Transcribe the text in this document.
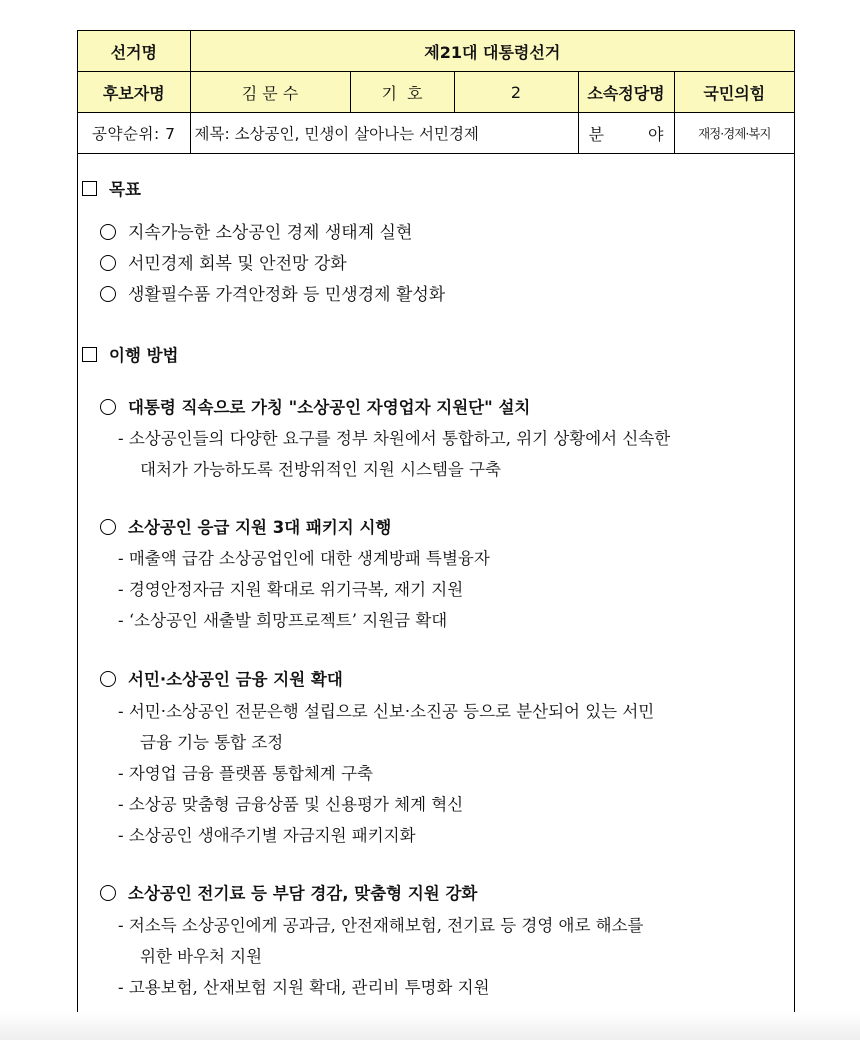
선거명	제21대 대통령선거				
후보자명	김 문 수	기  호	2	소속정당명	국민의힘
공약순위: 7	제목: 소상공인, 민생이 살아나는 서민경제			분 야	재정·경제·복지
목표
지속가능한 소상공인 경제 생태계 실현
서민경제 회복 및 안전망 강화
생활필수품 가격안정화 등 민생경제 활성화
이행 방법
대통령 직속으로 가칭 "소상공인 자영업자 지원단" 설치
- 소상공인들의 다양한 요구를 정부 차원에서 통합하고, 위기 상황에서 신속한
대처가 가능하도록 전방위적인 지원 시스템을 구축
소상공인 응급 지원 3대 패키지 시행
- 매출액 급감 소상공업인에 대한 생계방패 특별융자
- 경영안정자금 지원 확대로 위기극복, 재기 지원
- ‘소상공인 새출발 희망프로젝트’ 지원금 확대
서민·소상공인 금융 지원 확대
- 서민·소상공인 전문은행 설립으로 신보·소진공 등으로 분산되어 있는 서민
금융 기능 통합 조정
- 자영업 금융 플랫폼 통합체계 구축
- 소상공 맞춤형 금융상품 및 신용평가 체계 혁신
- 소상공인 생애주기별 자금지원 패키지화
소상공인 전기료 등 부담 경감, 맞춤형 지원 강화
- 저소득 소상공인에게 공과금, 안전재해보험, 전기료 등 경영 애로 해소를
위한 바우처 지원
- 고용보험, 산재보험 지원 확대, 관리비 투명화 지원
